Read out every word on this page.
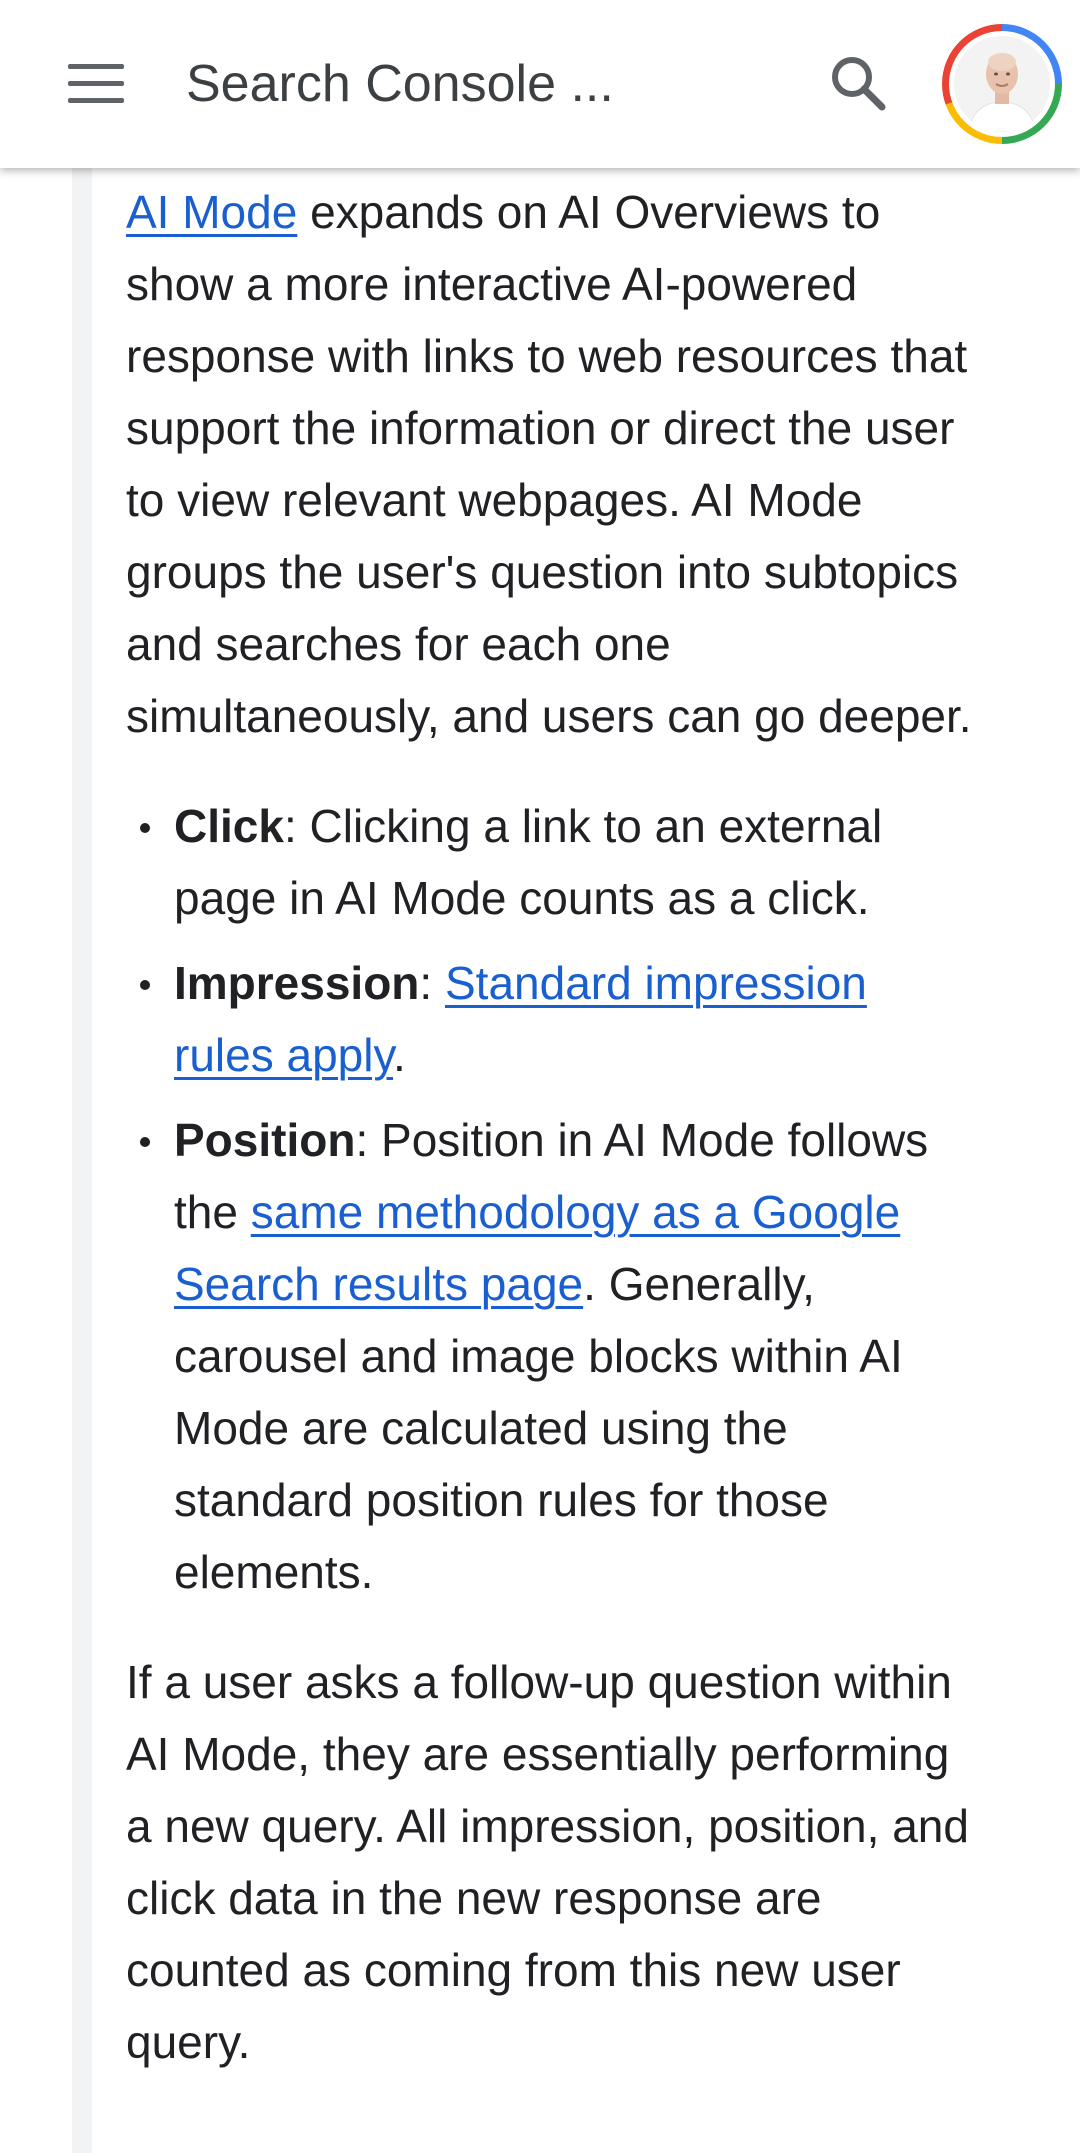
Search Console ...

AI Mode expands on AI Overviews to show a more interactive AI-powered response with links to web resources that support the information or direct the user to view relevant webpages. AI Mode groups the user's question into subtopics and searches for each one simultaneously, and users can go deeper.

Click: Clicking a link to an external page in AI Mode counts as a click.
Impression: Standard impression rules apply.
Position: Position in AI Mode follows the same methodology as a Google Search results page. Generally, carousel and image blocks within AI Mode are calculated using the standard position rules for those elements.

If a user asks a follow-up question within AI Mode, they are essentially performing a new query. All impression, position, and click data in the new response are counted as coming from this new user query.
